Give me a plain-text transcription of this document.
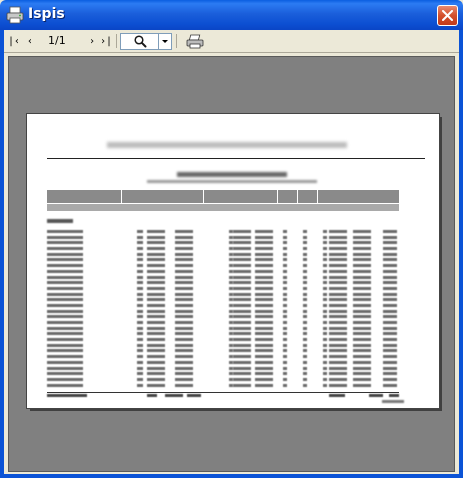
Ispis
|‹ ‹	1/1	› ›|
